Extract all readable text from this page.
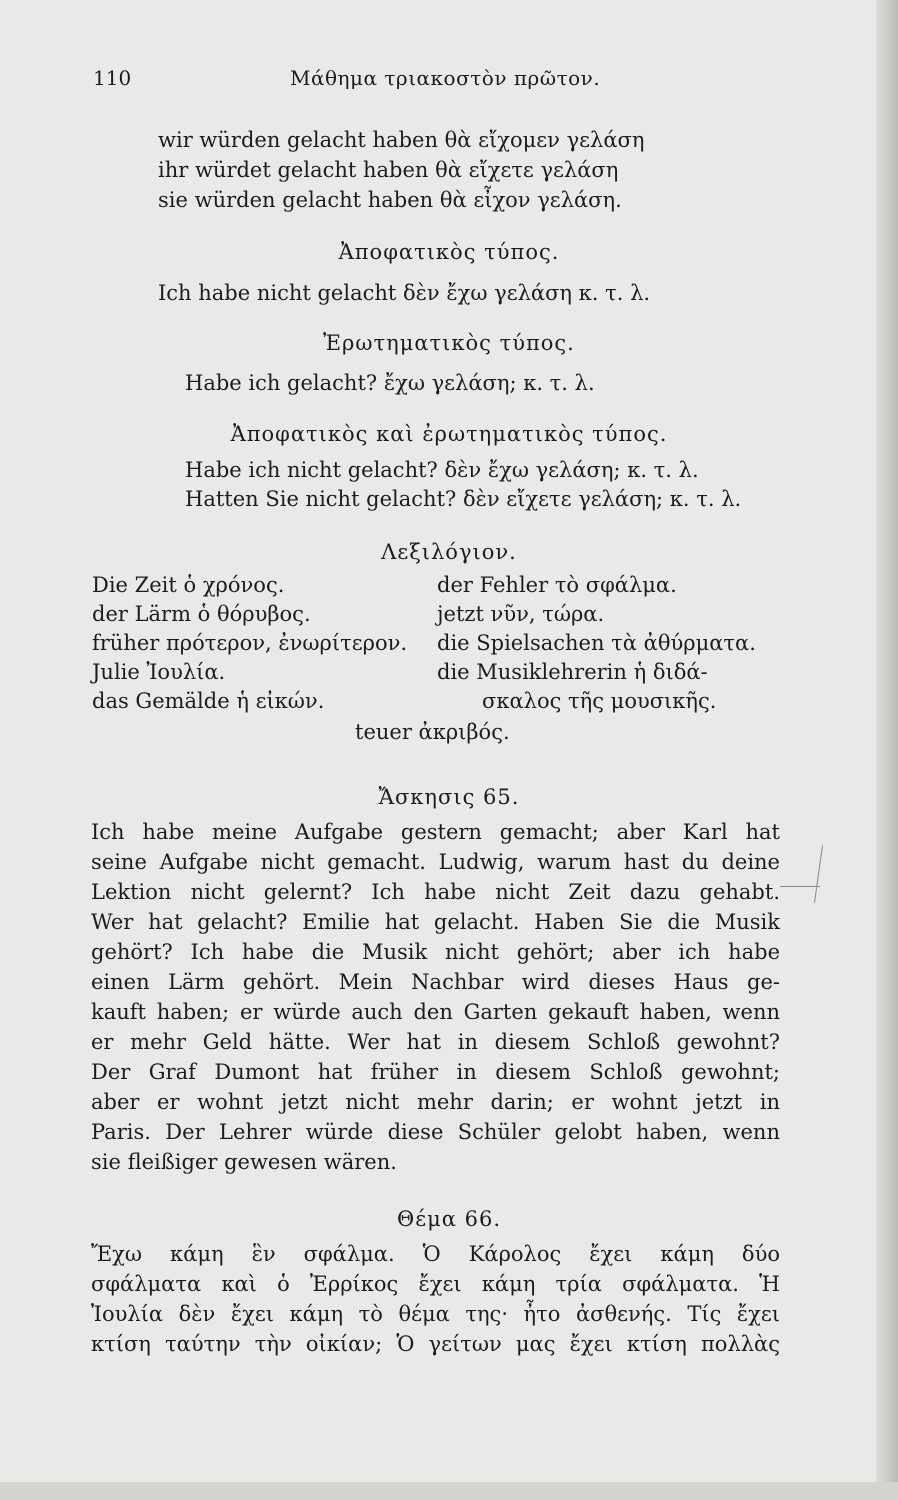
110	Μάθημα τριακοστὸν πρῶτον.
wir würden gelacht haben θὰ εἴχομεν γελάση
ihr würdet gelacht haben θὰ εἴχετε γελάση
sie würden gelacht haben θὰ εἶχον γελάση.
Ἀποφατικὸς τύπος.
Ich habe nicht gelacht δὲν ἔχω γελάση κ. τ. λ.
Ἐρωτηματικὸς τύπος.
Habe ich gelacht? ἔχω γελάση; κ. τ. λ.
Ἀποφατικὸς καὶ ἐρωτηματικὸς τύπος.
Habe ich nicht gelacht? δὲν ἔχω γελάση; κ. τ. λ.
Hatten Sie nicht gelacht? δὲν εἴχετε γελάση; κ. τ. λ.
Λεξιλόγιον.
Die Zeit ὁ χρόνος.
der Lärm ὁ θόρυβος.
früher πρότερον, ἐνωρίτερον.
Julie Ἰουλία.
das Gemälde ἡ εἰκών.
der Fehler τὸ σφάλμα.
jetzt νῦν, τώρα.
die Spielsachen τὰ ἀθύρματα.
die Musiklehrerin ἡ διδά-
σκαλος τῆς μουσικῆς.
teuer ἀκριβός.
Ἄσκησις 65.
Ich habe meine Aufgabe gestern gemacht; aber Karl hat
seine Aufgabe nicht gemacht. Ludwig, warum hast du deine
Lektion nicht gelernt? Ich habe nicht Zeit dazu gehabt.
Wer hat gelacht? Emilie hat gelacht. Haben Sie die Musik
gehört? Ich habe die Musik nicht gehört; aber ich habe
einen Lärm gehört. Mein Nachbar wird dieses Haus ge-
kauft haben; er würde auch den Garten gekauft haben, wenn
er mehr Geld hätte. Wer hat in diesem Schloß gewohnt?
Der Graf Dumont hat früher in diesem Schloß gewohnt;
aber er wohnt jetzt nicht mehr darin; er wohnt jetzt in
Paris. Der Lehrer würde diese Schüler gelobt haben, wenn
sie fleißiger gewesen wären.
Θέμα 66.
Ἔχω κάμη ἓν σφάλμα. Ὁ Κάρολος ἔχει κάμη δύο
σφάλματα καὶ ὁ Ἐρρίκος ἔχει κάμη τρία σφάλματα. Ἡ
Ἰουλία δὲν ἔχει κάμη τὸ θέμα της· ἦτο ἀσθενής. Τίς ἔχει
κτίση ταύτην τὴν οἰκίαν; Ὁ γείτων μας ἔχει κτίση πολλὰς
